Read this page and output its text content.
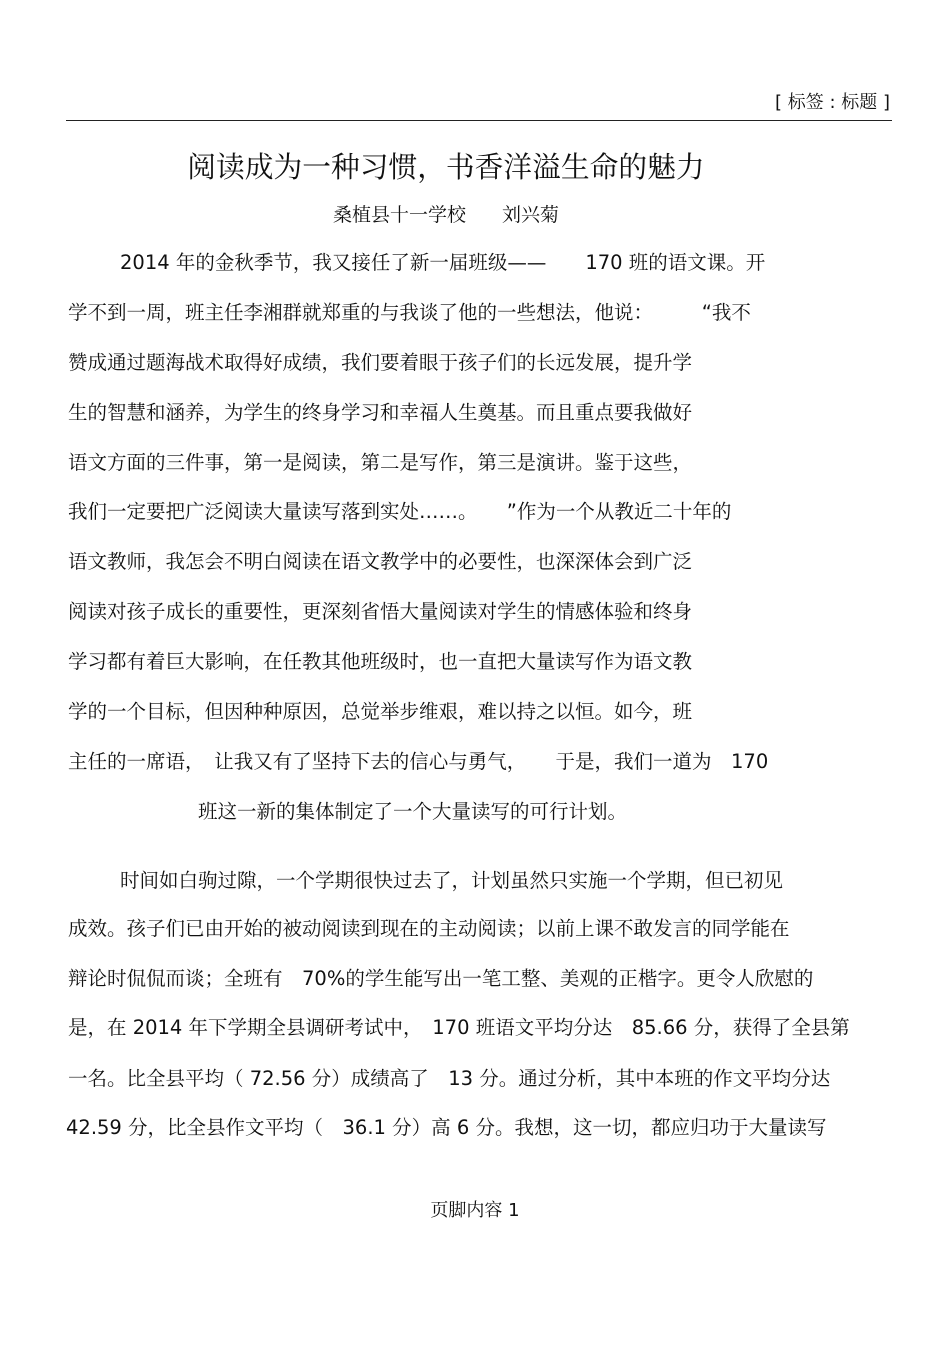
[ 标签 : 标题 ]
阅读成为一种习惯，书香洋溢生命的魅力
桑植县十一学校 刘兴菊
2014 年的金秋季节，我又接任了新一届班级——　　170 班的语文课。开
学不到一周，班主任李湘群就郑重的与我谈了他的一些想法，他说：　　　“我不
赞成通过题海战术取得好成绩，我们要着眼于孩子们的长远发展，提升学
生的智慧和涵养，为学生的终身学习和幸福人生奠基。而且重点要我做好
语文方面的三件事，第一是阅读，第二是写作，第三是演讲。鉴于这些，
我们一定要把广泛阅读大量读写落到实处……。　　”作为一个从教近二十年的
语文教师，我怎会不明白阅读在语文教学中的必要性，也深深体会到广泛
阅读对孩子成长的重要性，更深刻省悟大量阅读对学生的情感体验和终身
学习都有着巨大影响，在任教其他班级时，也一直把大量读写作为语文教
学的一个目标，但因种种原因，总觉举步维艰，难以持之以恒。如今，班
主任的一席语，　让我又有了坚持下去的信心与勇气，　　于是，我们一道为　170
班这一新的集体制定了一个大量读写的可行计划。
时间如白驹过隙，一个学期很快过去了，计划虽然只实施一个学期，但已初见
成效。孩子们已由开始的被动阅读到现在的主动阅读；以前上课不敢发言的同学能在
辩论时侃侃而谈；全班有　70%的学生能写出一笔工整、美观的正楷字。更令人欣慰的
是，在 2014 年下学期全县调研考试中，　170 班语文平均分达　85.66 分，获得了全县第
一名。比全县平均（ 72.56 分）成绩高了　13 分。通过分析，其中本班的作文平均分达
42.59 分，比全县作文平均（　36.1 分）高 6 分。我想，这一切，都应归功于大量读写
页脚内容 1
